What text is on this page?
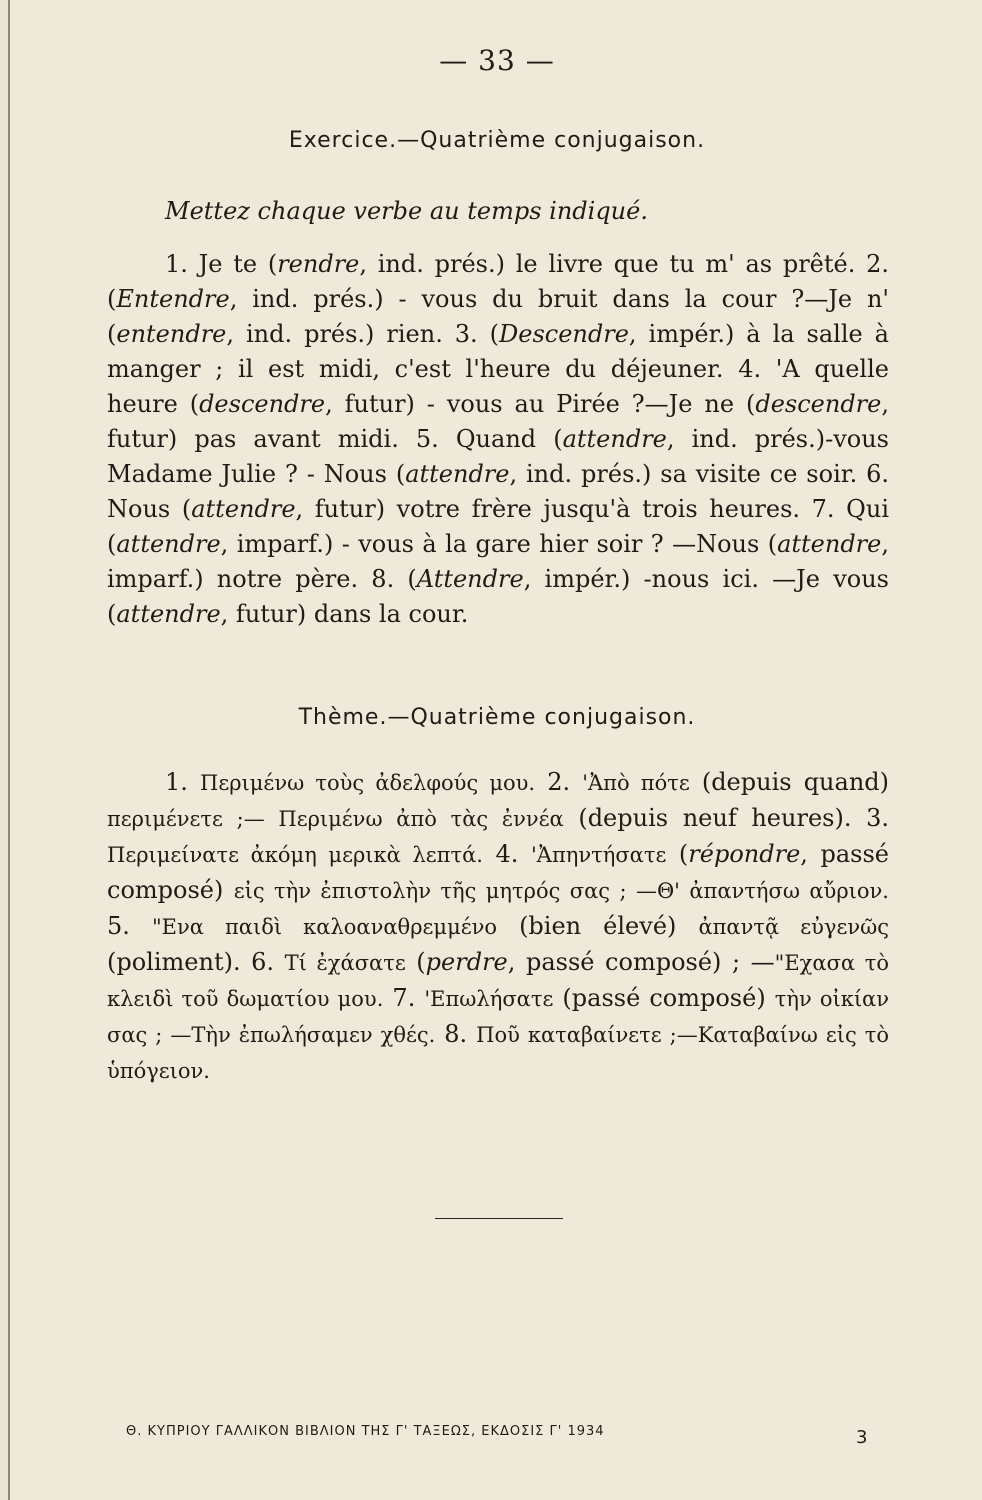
— 33 —
Exercice.—Quatrième conjugaison.
Mettez chaque verbe au temps indiqué.

1. Je te (rendre, ind. prés.) le livre que tu m' as prêté. 2. (Entendre, ind. prés.) - vous du bruit dans la cour ?—Je n' (entendre, ind. prés.) rien. 3. (Descendre, impér.) à la salle à manger ; il est midi, c'est l'heure du déjeuner. 4. 'A quelle heure (descendre, futur) - vous au Pirée ?—Je ne (descendre, futur) pas avant midi. 5. Quand (attendre, ind. prés.)-vous Madame Julie ? - Nous (attendre, ind. prés.) sa visite ce soir. 6. Nous (attendre, futur) votre frère jusqu'à trois heures. 7. Qui (attendre, imparf.) - vous à la gare hier soir ? —Nous (attendre, imparf.) notre père. 8. (Attendre, impér.) -nous ici. —Je vous (attendre, futur) dans la cour.

Thème.—Quatrième conjugaison.

1. Περιμένω τοὺς ἀδελφούς μου. 2. 'Ἀπὸ πότε (depuis quand) περιμένετε ;— Περιμένω ἀπὸ τὰς ἐννέα (depuis neuf heures). 3. Περιμείνατε ἀκόμη μερικὰ λεπτά. 4. 'Ἀπηντήσατε (répondre, passé composé) εἰς τὴν ἐπιστολὴν τῆς μητρός σας ; —Θ' ἀπαντήσω αὔριον. 5. "Ενα παιδὶ καλοαναθρεμμένο (bien élevé) ἀπαντᾷ εὐγενῶς (poliment). 6. Τί ἐχάσατε (perdre, passé composé) ; —"Εχασα τὸ κλειδὶ τοῦ δωματίου μου. 7. 'Επωλήσατε (passé composé) τὴν οἰκίαν σας ; —Τὴν ἐπωλήσαμεν χθές. 8. Ποῦ καταβαίνετε ;—Καταβαίνω εἰς τὸ ὑπόγειον.

Θ. ΚΥΠΡΙΟΥ ΓΑΛΛΙΚΟΝ ΒΙΒΛΙΟΝ ΤΗΣ Γ' ΤΑΞΕΩΣ, ΕΚΔΟΣΙΣ Γ' 1934	3
